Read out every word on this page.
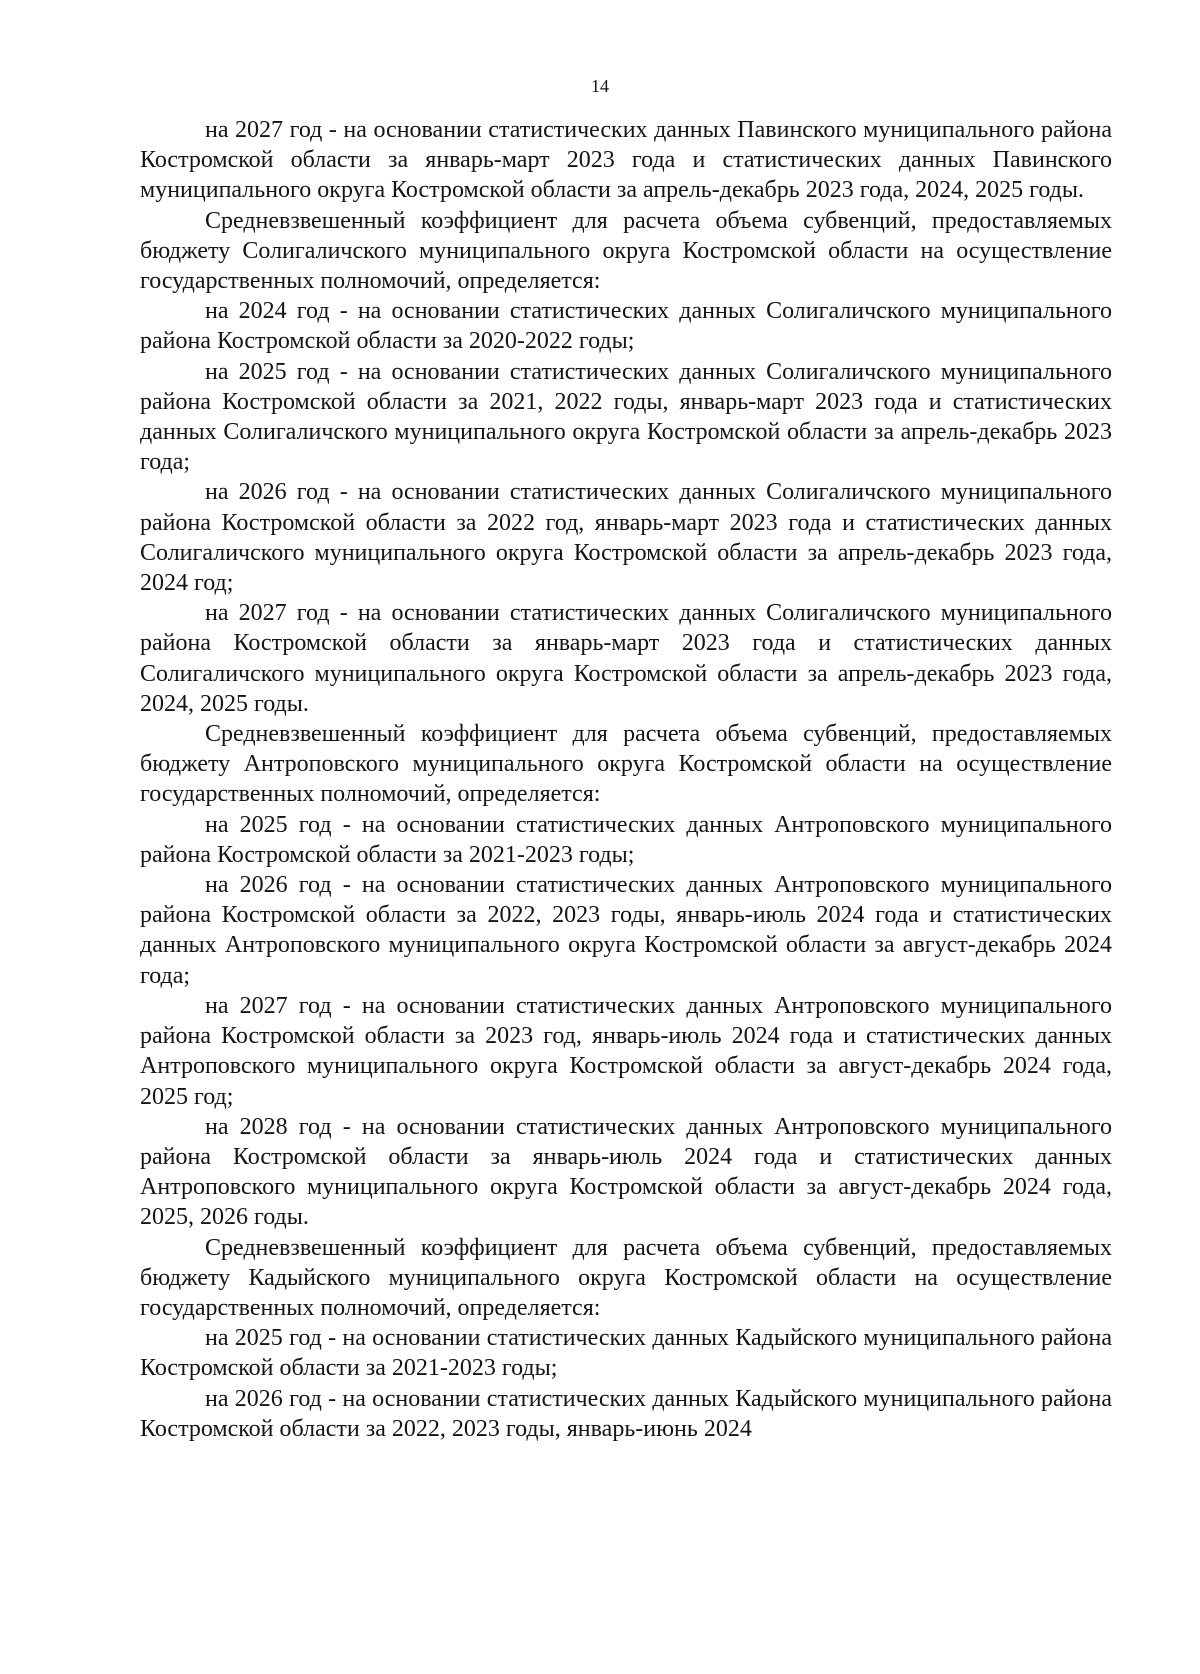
14

на 2027 год - на основании статистических данных Павинского муниципального района Костромской области за январь-март 2023 года и статистических данных Павинского муниципального округа Костромской области за апрель-декабрь 2023 года, 2024, 2025 годы.

Средневзвешенный коэффициент для расчета объема субвенций, предоставляемых бюджету Солигаличского муниципального округа Костромской области на осуществление государственных полномочий, определяется:

на 2024 год - на основании статистических данных Солигаличского муниципального района Костромской области за 2020-2022 годы;

на 2025 год - на основании статистических данных Солигаличского муниципального района Костромской области за 2021, 2022 годы, январь-март 2023 года и статистических данных Солигаличского муниципального округа Костромской области за апрель-декабрь 2023 года;

на 2026 год - на основании статистических данных Солигаличского муниципального района Костромской области за 2022 год, январь-март 2023 года и статистических данных Солигаличского муниципального округа Костромской области за апрель-декабрь 2023 года, 2024 год;

на 2027 год - на основании статистических данных Солигаличского муниципального района Костромской области за январь-март 2023 года и статистических данных Солигаличского муниципального округа Костромской области за апрель-декабрь 2023 года, 2024, 2025 годы.

Средневзвешенный коэффициент для расчета объема субвенций, предоставляемых бюджету Антроповского муниципального округа Костромской области на осуществление государственных полномочий, определяется:

на 2025 год - на основании статистических данных Антроповского муниципального района Костромской области за 2021-2023 годы;

на 2026 год - на основании статистических данных Антроповского муниципального района Костромской области за 2022, 2023 годы, январь-июль 2024 года и статистических данных Антроповского муниципального округа Костромской области за август-декабрь 2024 года;

на 2027 год - на основании статистических данных Антроповского муниципального района Костромской области за 2023 год, январь-июль 2024 года и статистических данных Антроповского муниципального округа Костромской области за август-декабрь 2024 года, 2025 год;

на 2028 год - на основании статистических данных Антроповского муниципального района Костромской области за январь-июль 2024 года и статистических данных Антроповского муниципального округа Костромской области за август-декабрь 2024 года, 2025, 2026 годы.

Средневзвешенный коэффициент для расчета объема субвенций, предоставляемых бюджету Кадыйского муниципального округа Костромской области на осуществление государственных полномочий, определяется:

на 2025 год - на основании статистических данных Кадыйского муниципального района Костромской области за 2021-2023 годы;

на 2026 год - на основании статистических данных Кадыйского муниципального района Костромской области за 2022, 2023 годы, январь-июнь 2024
